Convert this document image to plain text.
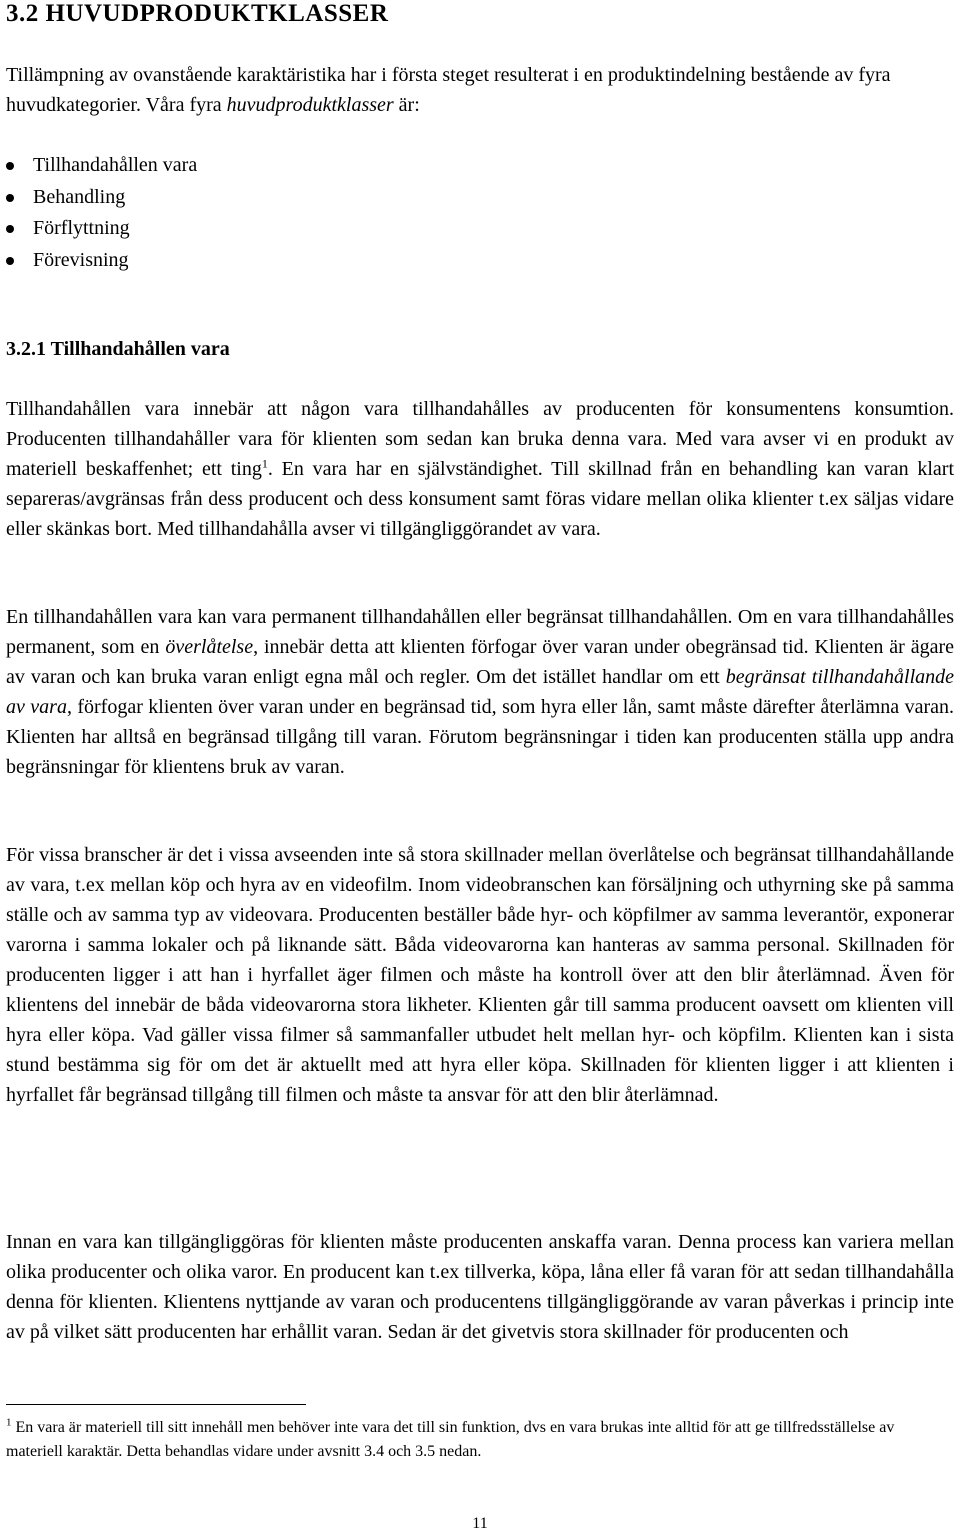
3.2 HUVUDPRODUKTKLASSER

Tillämpning av ovanstående karaktäristika har i första steget resulterat i en produktindelning bestående av fyra huvudkategorier. Våra fyra huvudproduktklasser är:

Tillhandahållen vara
Behandling
Förflyttning
Förevisning
3.2.1 Tillhandahållen vara

Tillhandahållen vara innebär att någon vara tillhandahålles av producenten för konsumentens konsumtion. Producenten tillhandahåller vara för klienten som sedan kan bruka denna vara. Med vara avser vi en produkt av materiell beskaffenhet; ett ting$^1$. En vara har en självständighet. Till skillnad från en behandling kan varan klart separeras/avgränsas från dess producent och dess konsument samt föras vidare mellan olika klienter t.ex säljas vidare eller skänkas bort. Med tillhandahålla avser vi tillgängliggörandet av vara.

En tillhandahållen vara kan vara permanent tillhandahållen eller begränsat tillhandahållen. Om en vara tillhandahålles permanent, som en överlåtelse, innebär detta att klienten förfogar över varan under obegränsad tid. Klienten är ägare av varan och kan bruka varan enligt egna mål och regler. Om det istället handlar om ett begränsat tillhandahållande av vara, förfogar klienten över varan under en begränsad tid, som hyra eller lån, samt måste därefter återlämna varan. Klienten har alltså en begränsad tillgång till varan. Förutom begränsningar i tiden kan producenten ställa upp andra begränsningar för klientens bruk av varan.

För vissa branscher är det i vissa avseenden inte så stora skillnader mellan överlåtelse och begränsat tillhandahållande av vara, t.ex mellan köp och hyra av en videofilm. Inom videobranschen kan försäljning och uthyrning ske på samma ställe och av samma typ av videovara. Producenten beställer både hyr- och köpfilmer av samma leverantör, exponerar varorna i samma lokaler och på liknande sätt. Båda videovarorna kan hanteras av samma personal. Skillnaden för producenten ligger i att han i hyrfallet äger filmen och måste ha kontroll över att den blir återlämnad. Även för klientens del innebär de båda videovarorna stora likheter. Klienten går till samma producent oavsett om klienten vill hyra eller köpa. Vad gäller vissa filmer så sammanfaller utbudet helt mellan hyr- och köpfilm. Klienten kan i sista stund bestämma sig för om det är aktuellt med att hyra eller köpa. Skillnaden för klienten ligger i att klienten i hyrfallet får begränsad tillgång till filmen och måste ta ansvar för att den blir återlämnad.

Innan en vara kan tillgängliggöras för klienten måste producenten anskaffa varan. Denna process kan variera mellan olika producenter och olika varor. En producent kan t.ex tillverka, köpa, låna eller få varan för att sedan tillhandahålla denna för klienten. Klientens nyttjande av varan och producentens tillgängliggörande av varan påverkas i princip inte av på vilket sätt producenten har erhållit varan. Sedan är det givetvis stora skillnader för producenten och

$^1$ En vara är materiell till sitt innehåll men behöver inte vara det till sin funktion, dvs en vara brukas inte alltid för att ge tillfredsställelse av materiell karaktär. Detta behandlas vidare under avsnitt 3.4 och 3.5 nedan.
11
